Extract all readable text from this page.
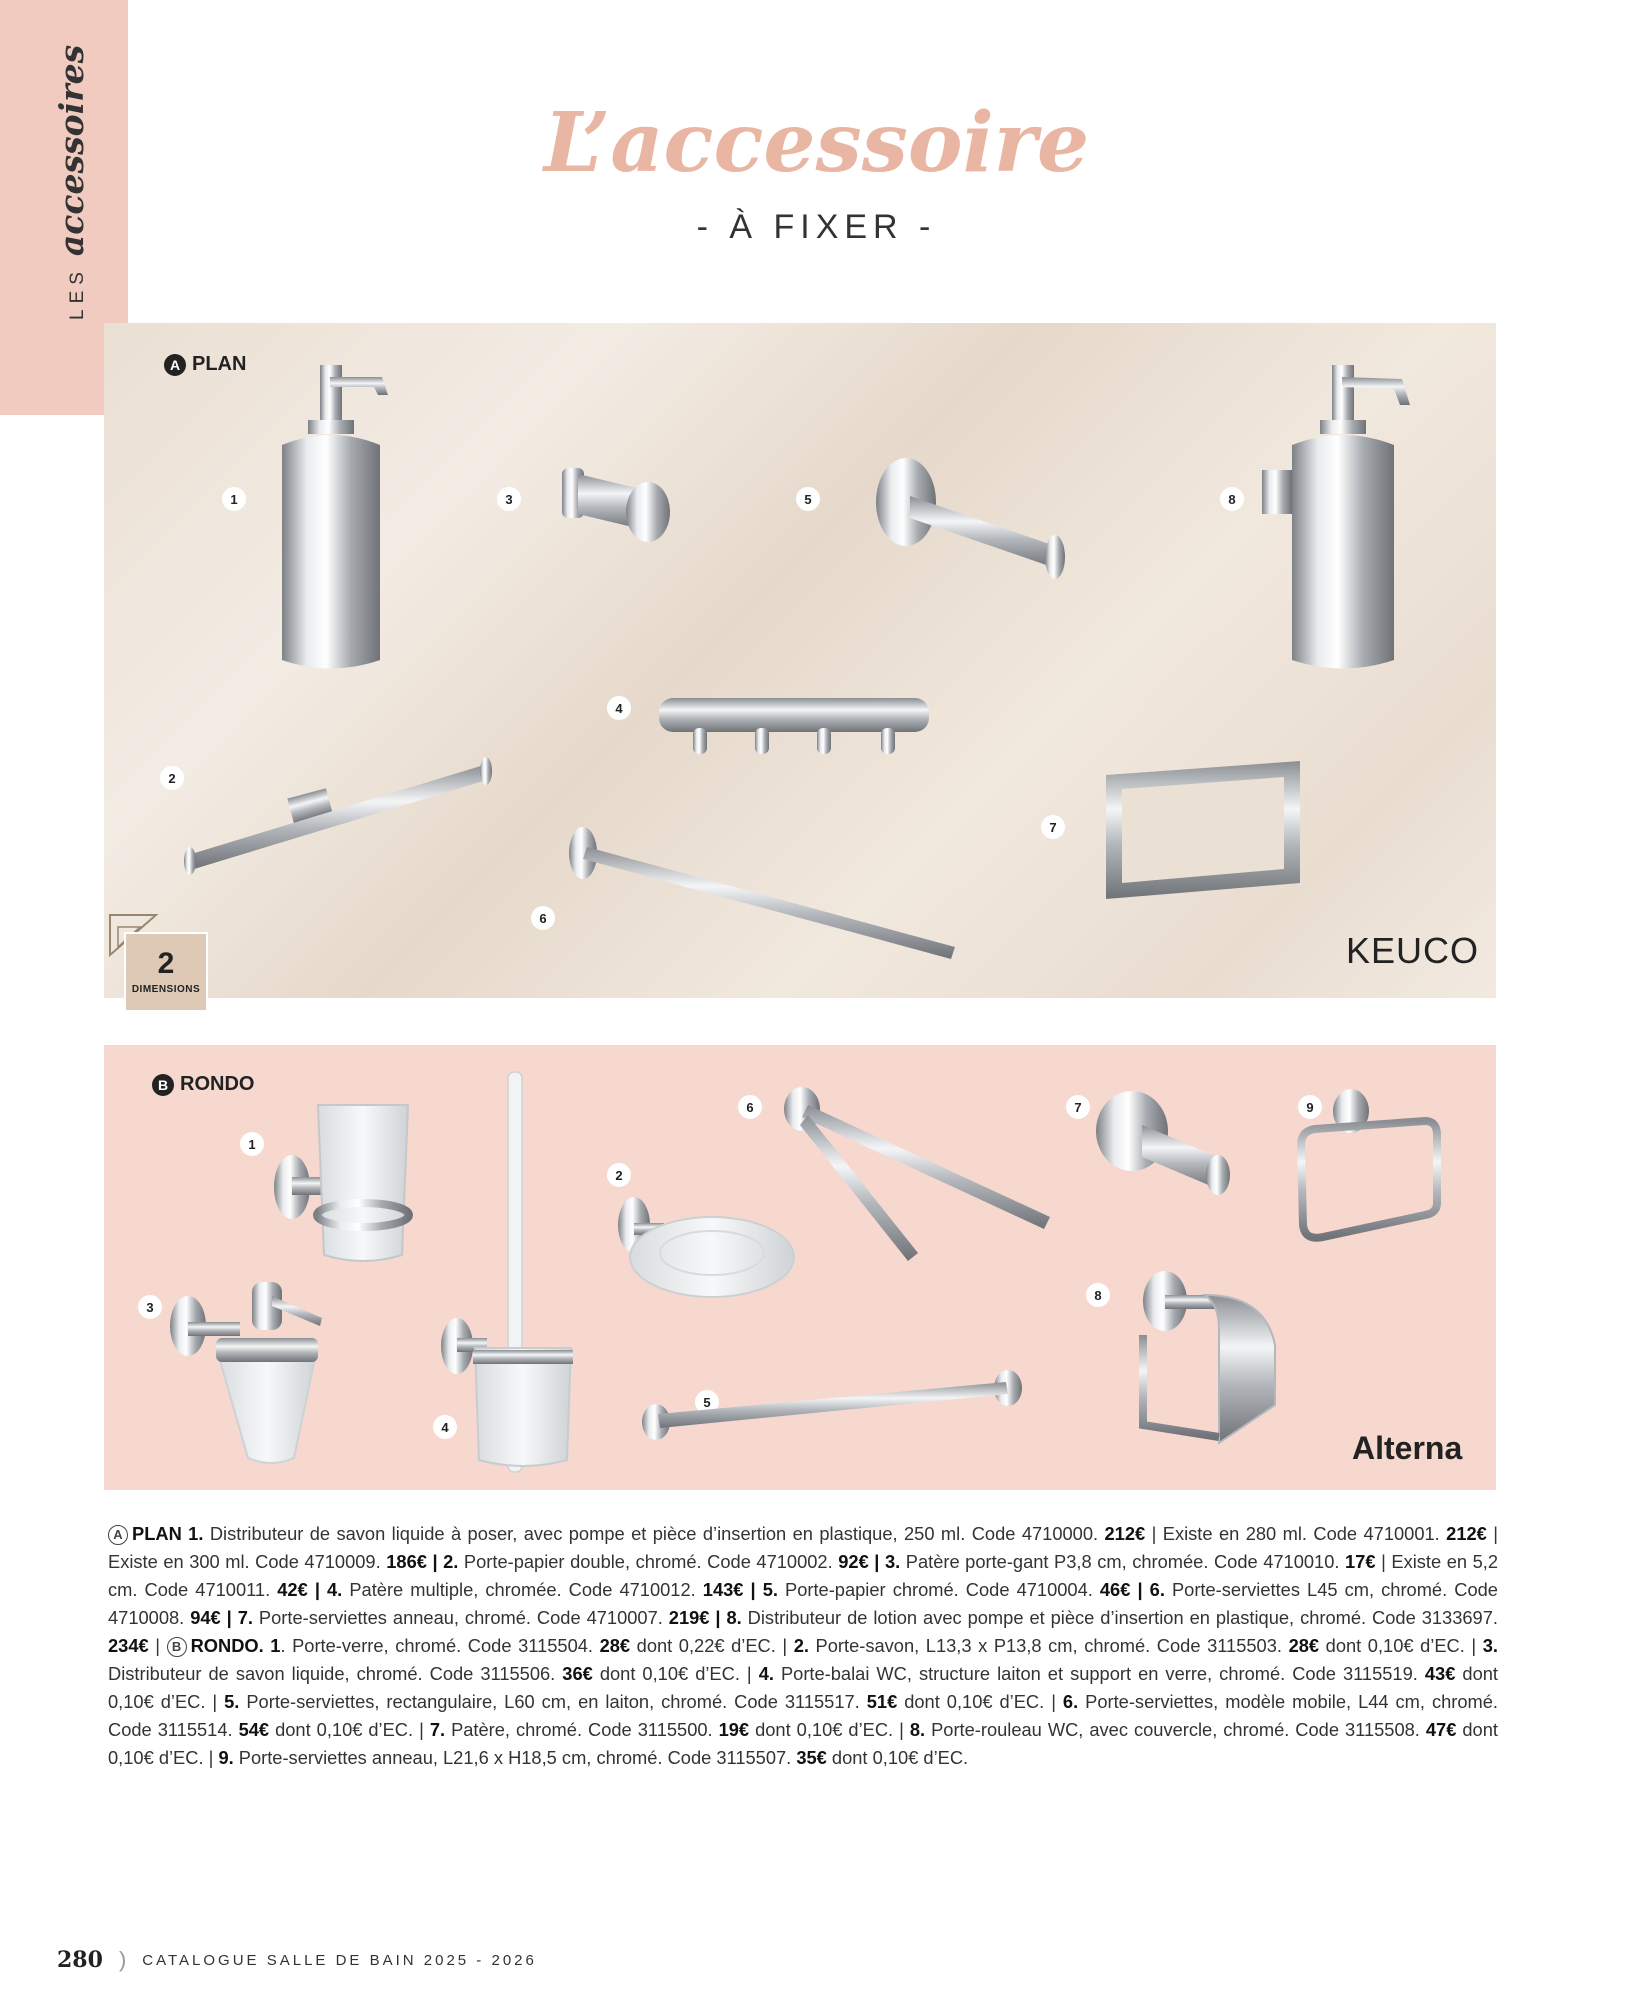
LESaccessoires	L’accessoire
- À FIXER -
A PLAN
1	3	5	8
4
2
7
6
2
DIMENSIONS
KEUCO
B RONDO
1
6	7	9
2
3
8
5
4
Alterna
A PLAN 1. Distributeur de savon liquide à poser, avec pompe et pièce d’insertion en plastique, 250 ml. Code 4710000. 212€ | Existe en 280 ml. Code 4710001. 212€ | Existe en 300 ml. Code 4710009. 186€ | 2. Porte-papier double, chromé. Code 4710002. 92€ | 3. Patère porte-gant P3,8 cm, chromée. Code 4710010. 17€ | Existe en 5,2 cm. Code 4710011. 42€ | 4. Patère multiple, chromée. Code 4710012. 143€ | 5. Porte-papier chromé. Code 4710004. 46€ | 6. Porte-serviettes L45 cm, chromé. Code 4710008. 94€ | 7. Porte-serviettes anneau, chromé. Code 4710007. 219€ | 8. Distributeur de lotion avec pompe et pièce d’insertion en plastique, chromé. Code 3133697. 234€ | B RONDO. 1. Porte-verre, chromé. Code 3115504. 28€ dont 0,22€ d’EC. | 2. Porte-savon, L13,3 x P13,8 cm, chromé. Code 3115503. 28€ dont 0,10€ d’EC. | 3. Distributeur de savon liquide, chromé. Code 3115506. 36€ dont 0,10€ d’EC. | 4. Porte-balai WC, structure laiton et support en verre, chromé. Code 3115519. 43€ dont 0,10€ d’EC. | 5. Porte-serviettes, rectangulaire, L60 cm, en laiton, chromé. Code 3115517. 51€ dont 0,10€ d’EC. | 6. Porte-serviettes, modèle mobile, L44 cm, chromé. Code 3115514. 54€ dont 0,10€ d’EC. | 7. Patère, chromé. Code 3115500. 19€ dont 0,10€ d’EC. | 8. Porte-rouleau WC, avec couvercle, chromé. Code 3115508. 47€ dont 0,10€ d’EC. | 9. Porte-serviettes anneau, L21,6 x H18,5 cm, chromé. Code 3115507. 35€ dont 0,10€ d’EC.
280 ) CATALOGUE SALLE DE BAIN 2025 - 2026
